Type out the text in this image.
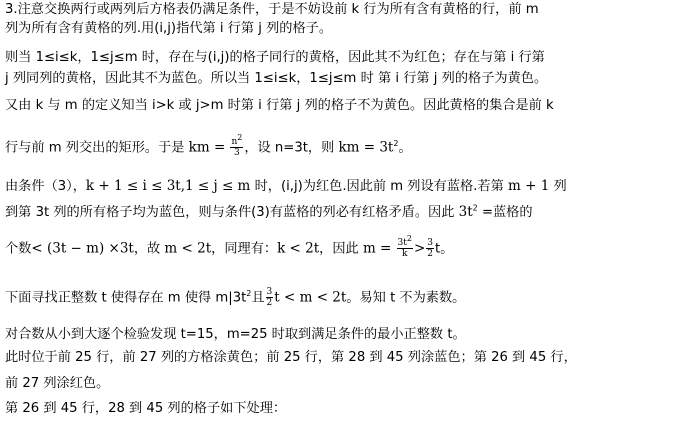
3.注意交换两行或两列后方格表仍满足条件，于是不妨设前 k 行为所有含有黄格的行，前 m
列为所有含有黄格的列.用(i,j)指代第 i 行第 j 列的格子。
则当 1≤i≤k，1≤j≤m 时，存在与(i,j)的格子同行的黄格，因此其不为红色；存在与第 i 行第
j 列同列的黄格，因此其不为蓝色。所以当 1≤i≤k，1≤j≤m 时 第 i 行第 j 列的格子为黄色。
又由 k 与 m 的定义知当 i>k 或 j>m 时第 i 行第 j 列的格子不为黄色。因此黄格的集合是前 k
行与前 m 列交出的矩形。于是 km = $\frac{n^2}{3}$ ，设 n=3t，则 km = $3t^2$。
由条件（3），k + 1 ≤ i ≤ 3t,1 ≤ j ≤ m 时，(i,j)为红色.因此前 m 列设有蓝格.若第 m + 1 列
到第 3t 列的所有格子均为蓝色，则与条件(3)有蓝格的列必有红格矛盾。因此 $3t^2$ =蓝格的
个数< (3t − m) ×3t，故 m < 2t，同理有：k < 2t，因此 $m = \frac{3t^2}{k} > \frac{3}{2}$ t。
下面寻找正整数 t 使得存在 m 使得 $m|3t^2$且 $\frac{3}{2}$ t < m < 2t。易知 t 不为素数。
对合数从小到大逐个检验发现 t=15，m=25 时取到满足条件的最小正整数 t。
此时位于前 25 行，前 27 列的方格涂黄色；前 25 行，第 28 到 45 列涂蓝色；第 26 到 45 行，
前 27 列涂红色。
第 26 到 45 行，28 到 45 列的格子如下处理：
